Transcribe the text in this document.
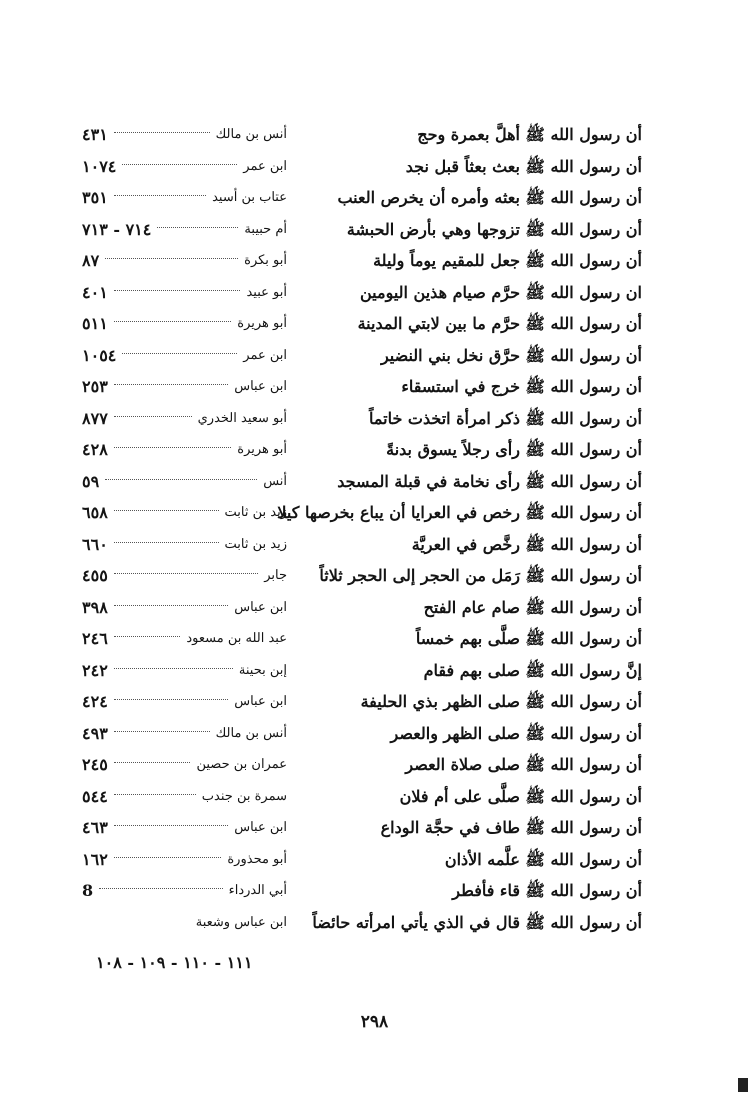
أن رسول الله ﷺ أهلَّ بعمرة وحج
أنس بن مالك
٤٣١
أن رسول الله ﷺ بعث بعثاً قبل نجد
ابن عمر
١٠٧٤
أن رسول الله ﷺ بعثه وأمره أن يخرص العنب
عتاب بن أسيد
٣٥١
أن رسول الله ﷺ تزوجها وهي بأرض الحبشة
أم حبيبة
٧١٤ - ٧١٣
أن رسول الله ﷺ جعل للمقيم يوماً وليلة
أبو بكرة
٨٧
ان رسول الله ﷺ حرَّم صيام هذين اليومين
أبو عبيد
٤٠١
أن رسول الله ﷺ حرَّم ما بين لابتي المدينة
أبو هريرة
٥١١
أن رسول الله ﷺ حرَّق نخل بني النضير
ابن عمر
١٠٥٤
أن رسول الله ﷺ خرج في استسقاء
ابن عباس
٢٥٣
أن رسول الله ﷺ ذكر امرأة اتخذت خاتماً
أبو سعيد الخدري
٨٧٧
أن رسول الله ﷺ رأى رجلاً يسوق بدنةً
أبو هريرة
٤٢٨
أن رسول الله ﷺ رأى نخامة في قبلة المسجد
أنس
٥٩
أن رسول الله ﷺ رخص في العرايا أن يباع بخرصها كيلا
زيد بن ثابت
٦٥٨
أن رسول الله ﷺ رخَّص في العريَّة
زيد بن ثابت
٦٦٠
أن رسول الله ﷺ رَمَل من الحجر إلى الحجر ثلاثاً
جابر
٤٥٥
أن رسول الله ﷺ صام عام الفتح
ابن عباس
٣٩٨
أن رسول الله ﷺ صلَّى بهم خمساً
عبد الله بن مسعود
٢٤٦
إنَّ رسول الله ﷺ صلى بهم فقام
إبن بحينة
٢٤٢
أن رسول الله ﷺ صلى الظهر بذي الحليفة
ابن عباس
٤٢٤
أن رسول الله ﷺ صلى الظهر والعصر
أنس بن مالك
٤٩٣
أن رسول الله ﷺ صلى صلاة العصر
عمران بن حصين
٢٤٥
أن رسول الله ﷺ صلَّى على أم فلان
سمرة بن جندب
٥٤٤
أن رسول الله ﷺ طاف في حجَّة الوداع
ابن عباس
٤٦٣
أن رسول الله ﷺ علَّمه الأذان
أبو محذورة
١٦٢
أن رسول الله ﷺ قاء فأفطر
أبي الدرداء
8
أن رسول الله ﷺ قال في الذي يأتي امرأته حائضاً
ابن عباس وشعبة
١١١ - ١١٠ - ١٠٩ - ١٠٨
٢٩٨
